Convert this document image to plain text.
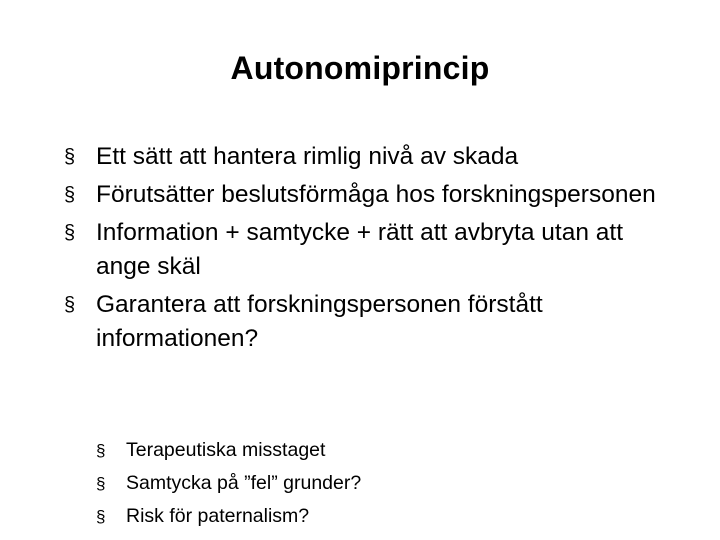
Autonomiprincip
§ Ett sätt att hantera rimlig nivå av skada
§ Förutsätter beslutsförmåga hos forskningspersonen
§ Information + samtycke + rätt att avbryta utan att ange skäl
§ Garantera att forskningspersonen förstått informationen?
§ Terapeutiska misstaget
§ Samtycka på ”fel” grunder?
§ Risk för paternalism?
